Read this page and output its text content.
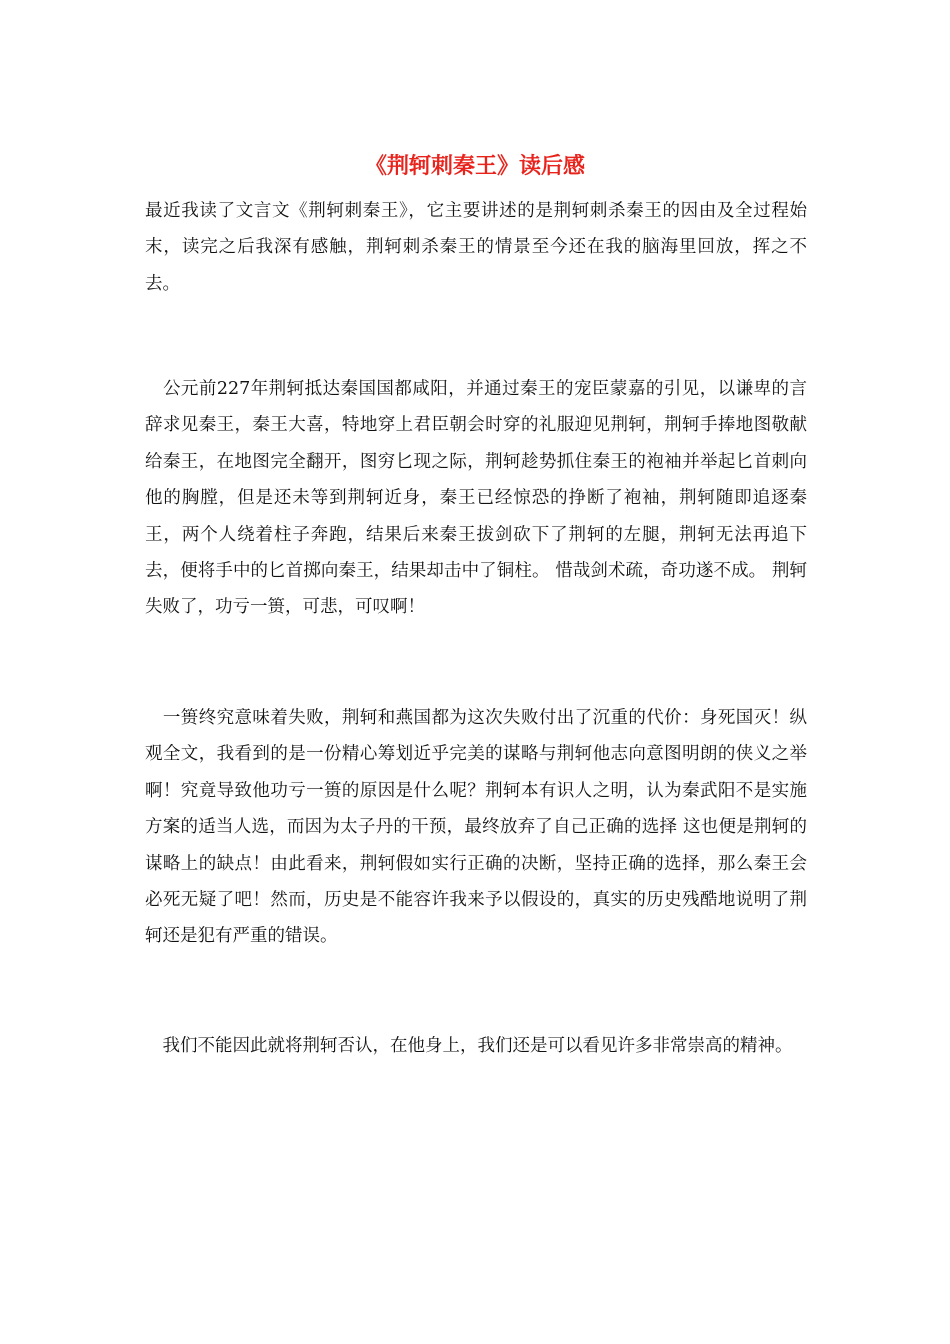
《荆轲刺秦王》读后感

最近我读了文言文《荆轲刺秦王》，它主要讲述的是荆轲刺杀秦王的因由及全过程始末，读完之后我深有感触，荆轲刺杀秦王的情景至今还在我的脑海里回放，挥之不去。

　公元前227年荆轲抵达秦国国都咸阳，并通过秦王的宠臣蒙嘉的引见，以谦卑的言辞求见秦王，秦王大喜，特地穿上君臣朝会时穿的礼服迎见荆轲，荆轲手捧地图敬献给秦王，在地图完全翻开，图穷匕现之际，荆轲趁势抓住秦王的袍袖并举起匕首刺向他的胸膛，但是还未等到荆轲近身，秦王已经惊恐的挣断了袍袖，荆轲随即追逐秦王，两个人绕着柱子奔跑，结果后来秦王拔剑砍下了荆轲的左腿，荆轲无法再追下去，便将手中的匕首掷向秦王，结果却击中了铜柱。 惜哉剑术疏，奇功遂不成。 荆轲失败了，功亏一篑，可悲，可叹啊！

　一篑终究意味着失败，荆轲和燕国都为这次失败付出了沉重的代价：身死国灭！纵观全文，我看到的是一份精心筹划近乎完美的谋略与荆轲他志向意图明朗的侠义之举啊！究竟导致他功亏一篑的原因是什么呢？荆轲本有识人之明，认为秦武阳不是实施方案的适当人选，而因为太子丹的干预，最终放弃了自己正确的选择 这也便是荆轲的谋略上的缺点！由此看来，荆轲假如实行正确的决断，坚持正确的选择，那么秦王会必死无疑了吧！然而，历史是不能容许我来予以假设的，真实的历史残酷地说明了荆轲还是犯有严重的错误。

　我们不能因此就将荆轲否认，在他身上，我们还是可以看见许多非常崇高的精神。
